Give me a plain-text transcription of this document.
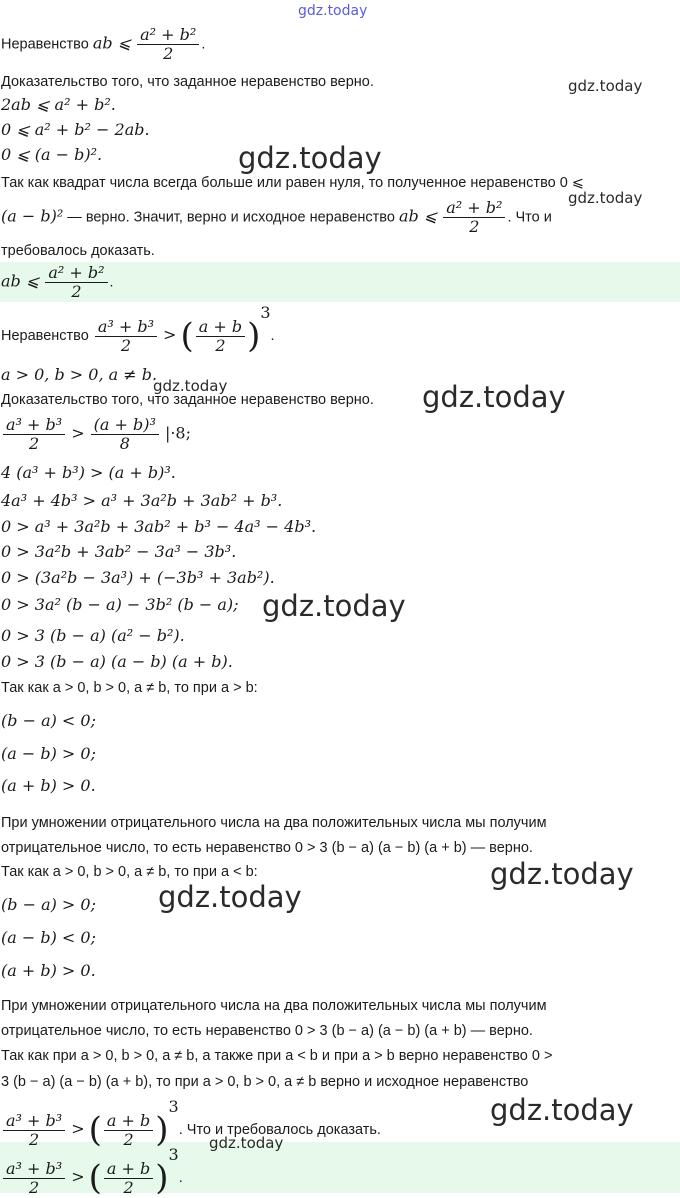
gdz.today
gdz.today
gdz.today
gdz.today
gdz.today	gdz.today
gdz.today
gdz.today
gdz.today
gdz.today
gdz.today
Неравенство ab ⩽ $\frac{\text{a² + b²}}{2}$ .
Доказательство того, что заданное неравенство верно.
2ab ⩽ a² + b².
0 ⩽ a² + b² − 2ab.
0 ⩽ (a − b)².
Так как квадрат числа всегда больше или равен нуля, то полученное неравенство 0 ⩽
(a − b)² — верно. Значит, верно и исходное неравенство ab ⩽ $\frac{\text{a² + b²}}{2}$ . Что и
требовалось доказать.
ab ⩽ $\frac{\text{a² + b²}}{2}$ .
Неравенство $\frac{\text{a³ + b³}}{2}$ > ( $\frac{a + b}{2} )^3$.
a > 0, b > 0, a ≠ b.
Доказательство того, что заданное неравенство верно.
$\frac{\text{a³ + b³}}{2} > \frac{\text{(a + b)³}}{8} |\cdot 8$;
4 (a³ + b³) > (a + b)³.
4a³ + 4b³ > a³ + 3a²b + 3ab² + b³.
0 > a³ + 3a²b + 3ab² + b³ − 4a³ − 4b³.
0 > 3a²b + 3ab² − 3a³ − 3b³.
0 > (3a²b − 3a³) + (−3b³ + 3ab²).
0 > 3a² (b − a) − 3b² (b − a);
0 > 3 (b − a) (a² − b²).
0 > 3 (b − a) (a − b) (a + b).
Так как a > 0, b > 0, a ≠ b, то при a > b:
(b − a) < 0;
(a − b) > 0;
(a + b) > 0.
При умножении отрицательного числа на два положительных числа мы получим
отрицательное число, то есть неравенство 0 > 3 (b − a) (a − b) (a + b) — верно.
Так как a > 0, b > 0, a ≠ b, то при a < b:
(b − a) > 0;
(a − b) < 0;
(a + b) > 0.
При умножении отрицательного числа на два положительных числа мы получим
отрицательное число, то есть неравенство 0 > 3 (b − a) (a − b) (a + b) — верно.
Так как при a > 0, b > 0, a ≠ b, а также при a < b и при a > b верно неравенство 0 >
3 (b − a) (a − b) (a + b), то при a > 0, b > 0, a ≠ b верно и исходное неравенство
$\frac{\text{a³ + b³}}{2}$ > ( $\frac{a + b}{2} )^3$. Что и требовалось доказать.
$\frac{\text{a³ + b³}}{2}$ > ( $\frac{a + b}{2} )^3$.
